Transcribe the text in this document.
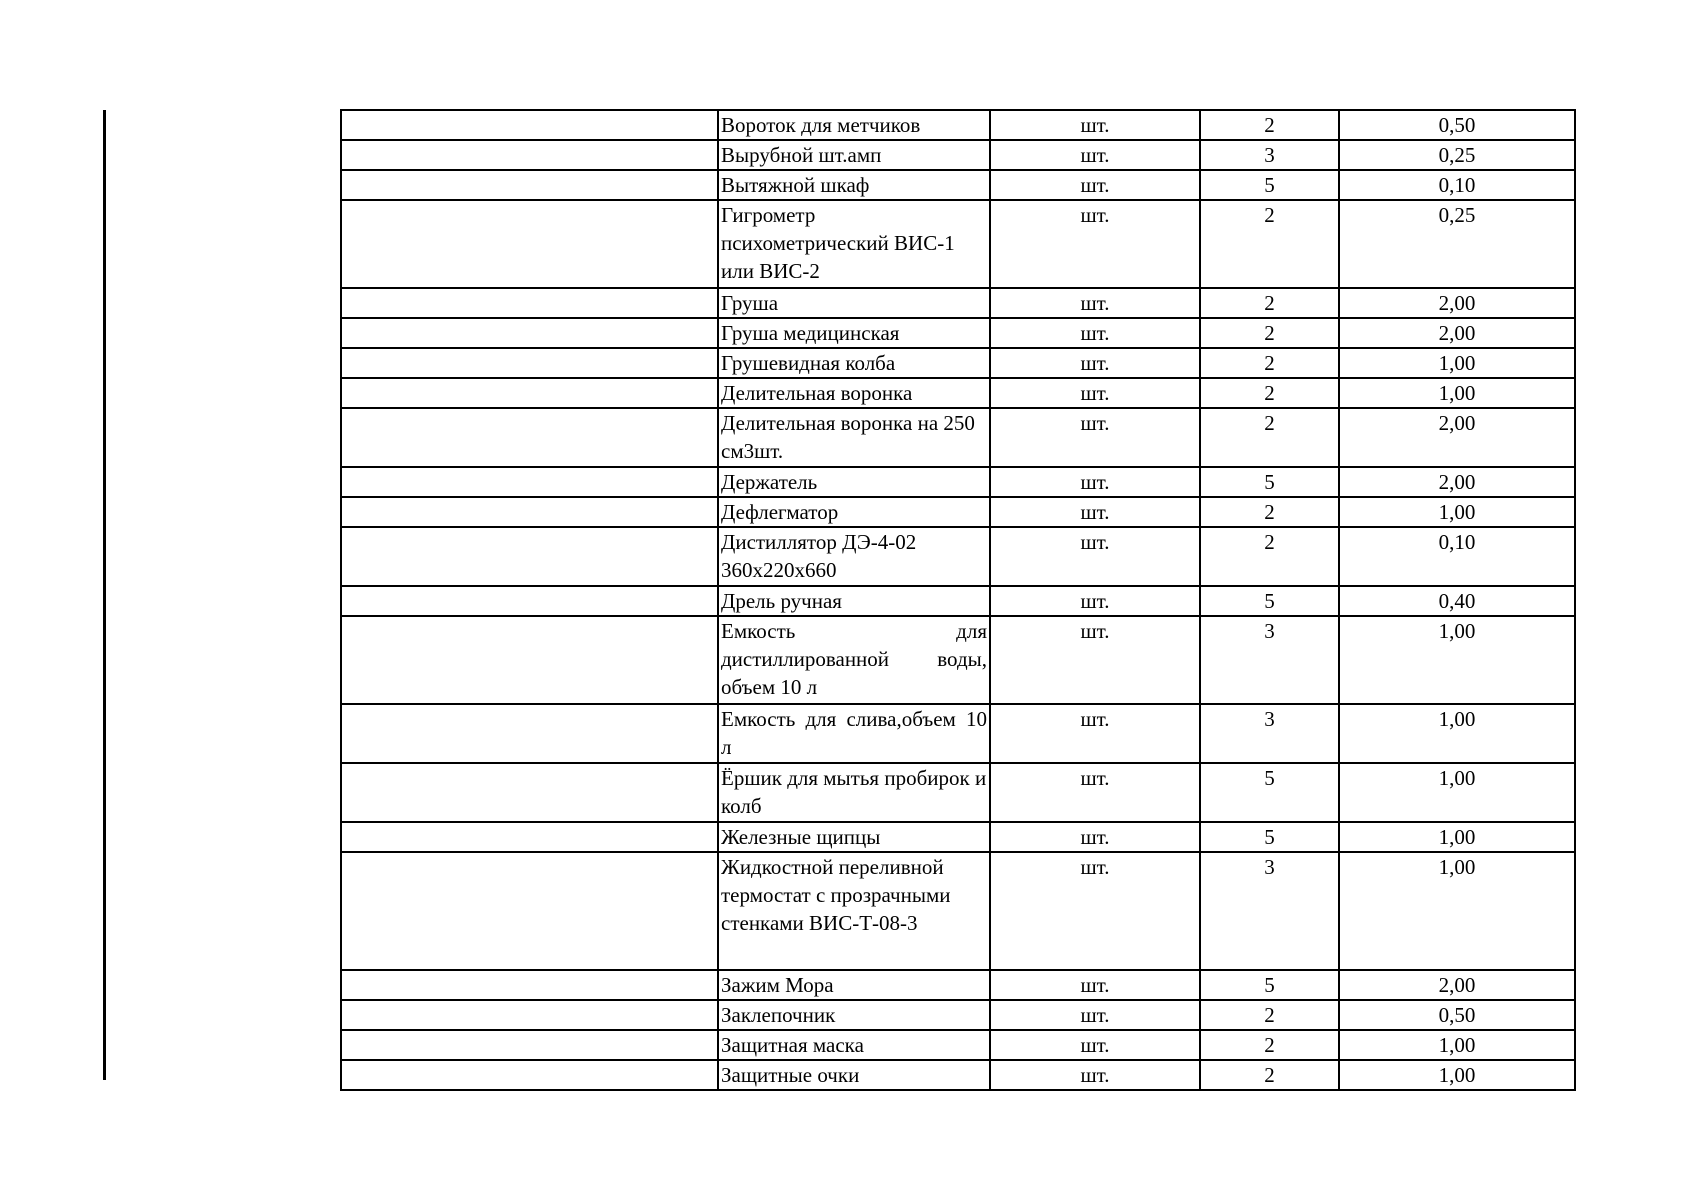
	Вороток для метчиков	шт.	2	0,50
	Вырубной шт.амп	шт.	3	0,25
	Вытяжной шкаф	шт.	5	0,10
	Гигрометр психометрический ВИС-1 или ВИС-2	шт.	2	0,25
	Груша	шт.	2	2,00
	Груша медицинская	шт.	2	2,00
	Грушевидная колба	шт.	2	1,00
	Делительная воронка	шт.	2	1,00
	Делительная воронка на 250 см3шт.	шт.	2	2,00
	Держатель	шт.	5	2,00
	Дефлегматор	шт.	2	1,00
	Дистиллятор ДЭ-4-02 360х220х660	шт.	2	0,10
	Дрель ручная	шт.	5	0,40
	Емкость для дистиллированной воды, объем 10 л	шт.	3	1,00
	Емкость для слива,объем 10 л	шт.	3	1,00
	Ёршик для мытья пробирок и колб	шт.	5	1,00
	Железные щипцы	шт.	5	1,00
	Жидкостной переливной термостат с прозрачными стенками ВИС-Т-08-3	шт.	3	1,00
	Зажим Мора	шт.	5	2,00
	Заклепочник	шт.	2	0,50
	Защитная маска	шт.	2	1,00
	Защитные очки	шт.	2	1,00
